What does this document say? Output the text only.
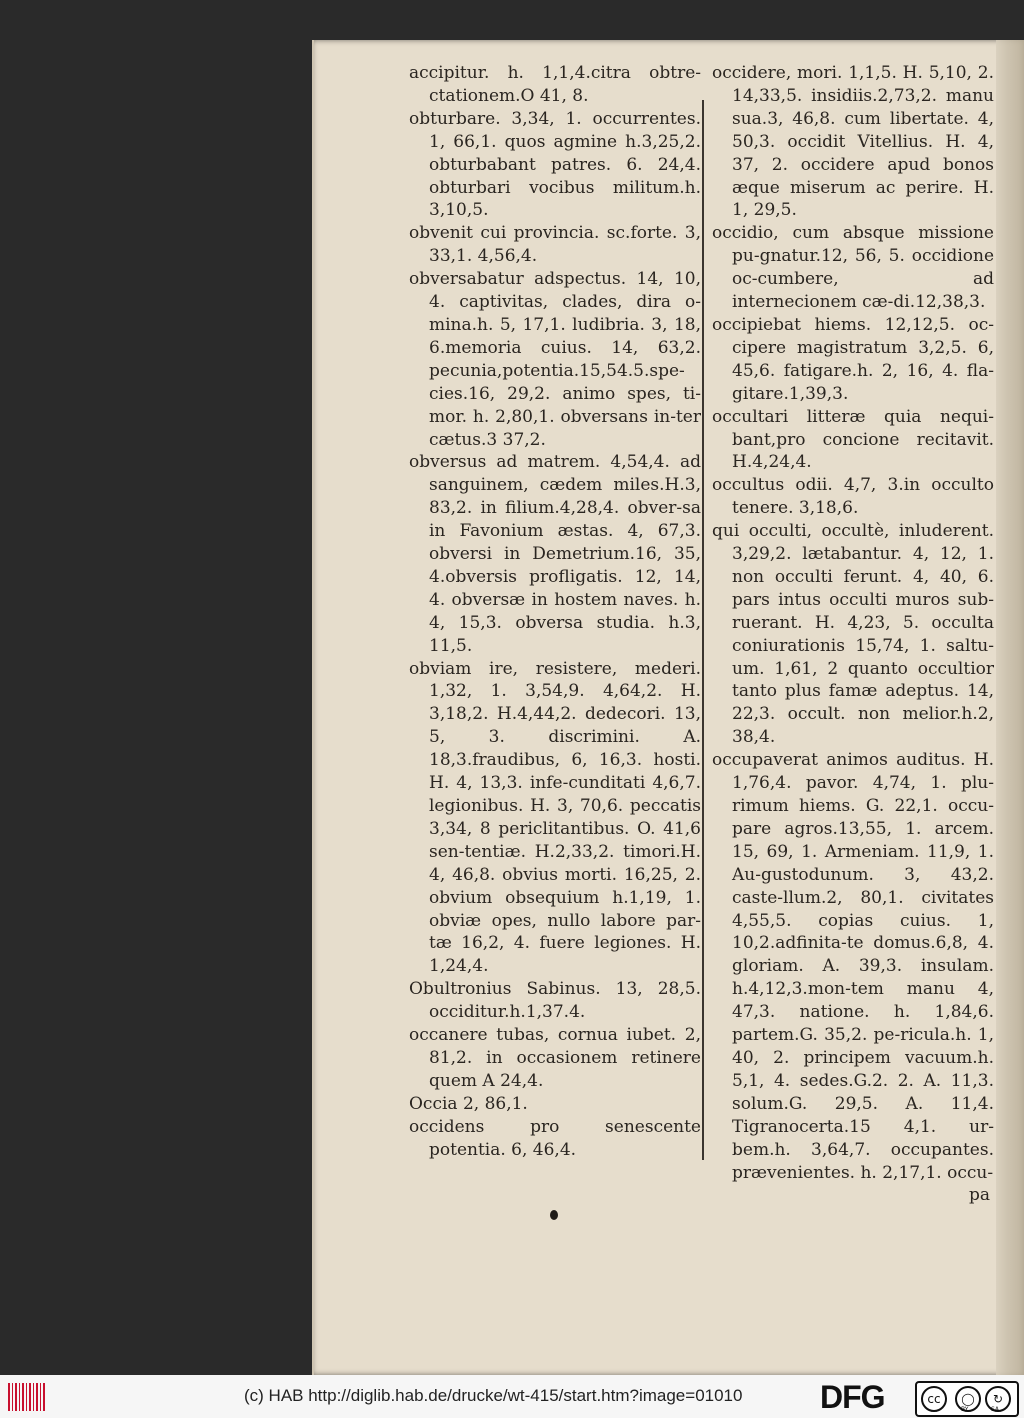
accipitur. h. 1,1,4.citra obtre-ctationem.O 41, 8.

obturbare. 3,34, 1. occurrentes. 1, 66,1. quos agmine h.3,25,2. obturbabant patres. 6. 24,4. obturbari vocibus militum.h. 3,10,5.

obvenit cui provincia. sc.forte. 3, 33,1. 4,56,4.

obversabatur adspectus. 14, 10, 4. captivitas, clades, dira o-mina.h. 5, 17,1. ludibria. 3, 18, 6.memoria cuius. 14, 63,2. pecunia,potentia.15,54.5.spe-cies.16, 29,2. animo spes, ti-mor. h. 2,80,1. obversans in-ter cætus.3 37,2.

obversus ad matrem. 4,54,4. ad sanguinem, cædem miles.H.3, 83,2. in filium.4,28,4. obver-sa in Favonium æstas. 4, 67,3. obversi in Demetrium.16, 35, 4.obversis profligatis. 12, 14, 4. obversæ in hostem naves. h. 4, 15,3. obversa studia. h.3, 11,5.

obviam ire, resistere, mederi. 1,32, 1. 3,54,9. 4,64,2. H. 3,18,2. H.4,44,2. dedecori. 13, 5, 3. discrimini. A. 18,3.fraudibus, 6, 16,3. hosti. H. 4, 13,3. infe-cunditati 4,6,7. legionibus. H. 3, 70,6. peccatis 3,34, 8 periclitantibus. O. 41,6 sen-tentiæ. H.2,33,2. timori.H. 4, 46,8. obvius morti. 16,25, 2. obvium obsequium h.1,19, 1. obviæ opes, nullo labore par-tæ 16,2, 4. fuere legiones. H. 1,24,4.

Obultronius Sabinus. 13, 28,5. occiditur.h.1,37.4.

occanere tubas, cornua iubet. 2, 81,2. in occasionem retinere quem A 24,4.

Occia 2, 86,1.

occidens pro senescente potentia. 6, 46,4.

occidere, mori. 1,1,5. H. 5,10, 2. 14,33,5. insidiis.2,73,2. manu sua.3, 46,8. cum libertate. 4, 50,3. occidit Vitellius. H. 4, 37, 2. occidere apud bonos æque miserum ac perire. H. 1, 29,5.

occidio, cum absque missione pu-gnatur.12, 56, 5. occidione oc-cumbere, ad internecionem cæ-di.12,38,3.

occipiebat hiems. 12,12,5. oc-cipere magistratum 3,2,5. 6, 45,6. fatigare.h. 2, 16, 4. fla-gitare.1,39,3.

occultari litteræ quia nequi-bant,pro concione recitavit. H.4,24,4.

occultus odii. 4,7, 3.in occulto tenere. 3,18,6.

qui occulti, occultè, inluderent. 3,29,2. lætabantur. 4, 12, 1. non occulti ferunt. 4, 40, 6. pars intus occulti muros sub-ruerant. H. 4,23, 5. occulta coniurationis 15,74, 1. saltu-um. 1,61, 2 quanto occultior tanto plus famæ adeptus. 14, 22,3. occult. non melior.h.2, 38,4.

occupaverat animos auditus. H. 1,76,4. pavor. 4,74, 1. plu-rimum hiems. G. 22,1. occu-pare agros.13,55, 1. arcem. 15, 69, 1. Armeniam. 11,9, 1. Au-gustodunum. 3, 43,2. caste-llum.2, 80,1. civitates 4,55,5. copias cuius. 1, 10,2.adfinita-te domus.6,8, 4. gloriam. A. 39,3. insulam. h.4,12,3.mon-tem manu 4, 47,3. natione. h. 1,84,6. partem.G. 35,2. pe-ricula.h. 1, 40, 2. principem vacuum.h. 5,1, 4. sedes.G.2. 2. A. 11,3. solum.G. 29,5. A. 11,4. Tigranocerta.15 4,1. ur-bem.h. 3,64,7. occupantes. prævenientes. h. 2,17,1. occu-

pa

(c) HAB http://diglib.hab.de/drucke/wt-415/start.htm?image=01010 DFG	cc	◯	↻
BY	SA
